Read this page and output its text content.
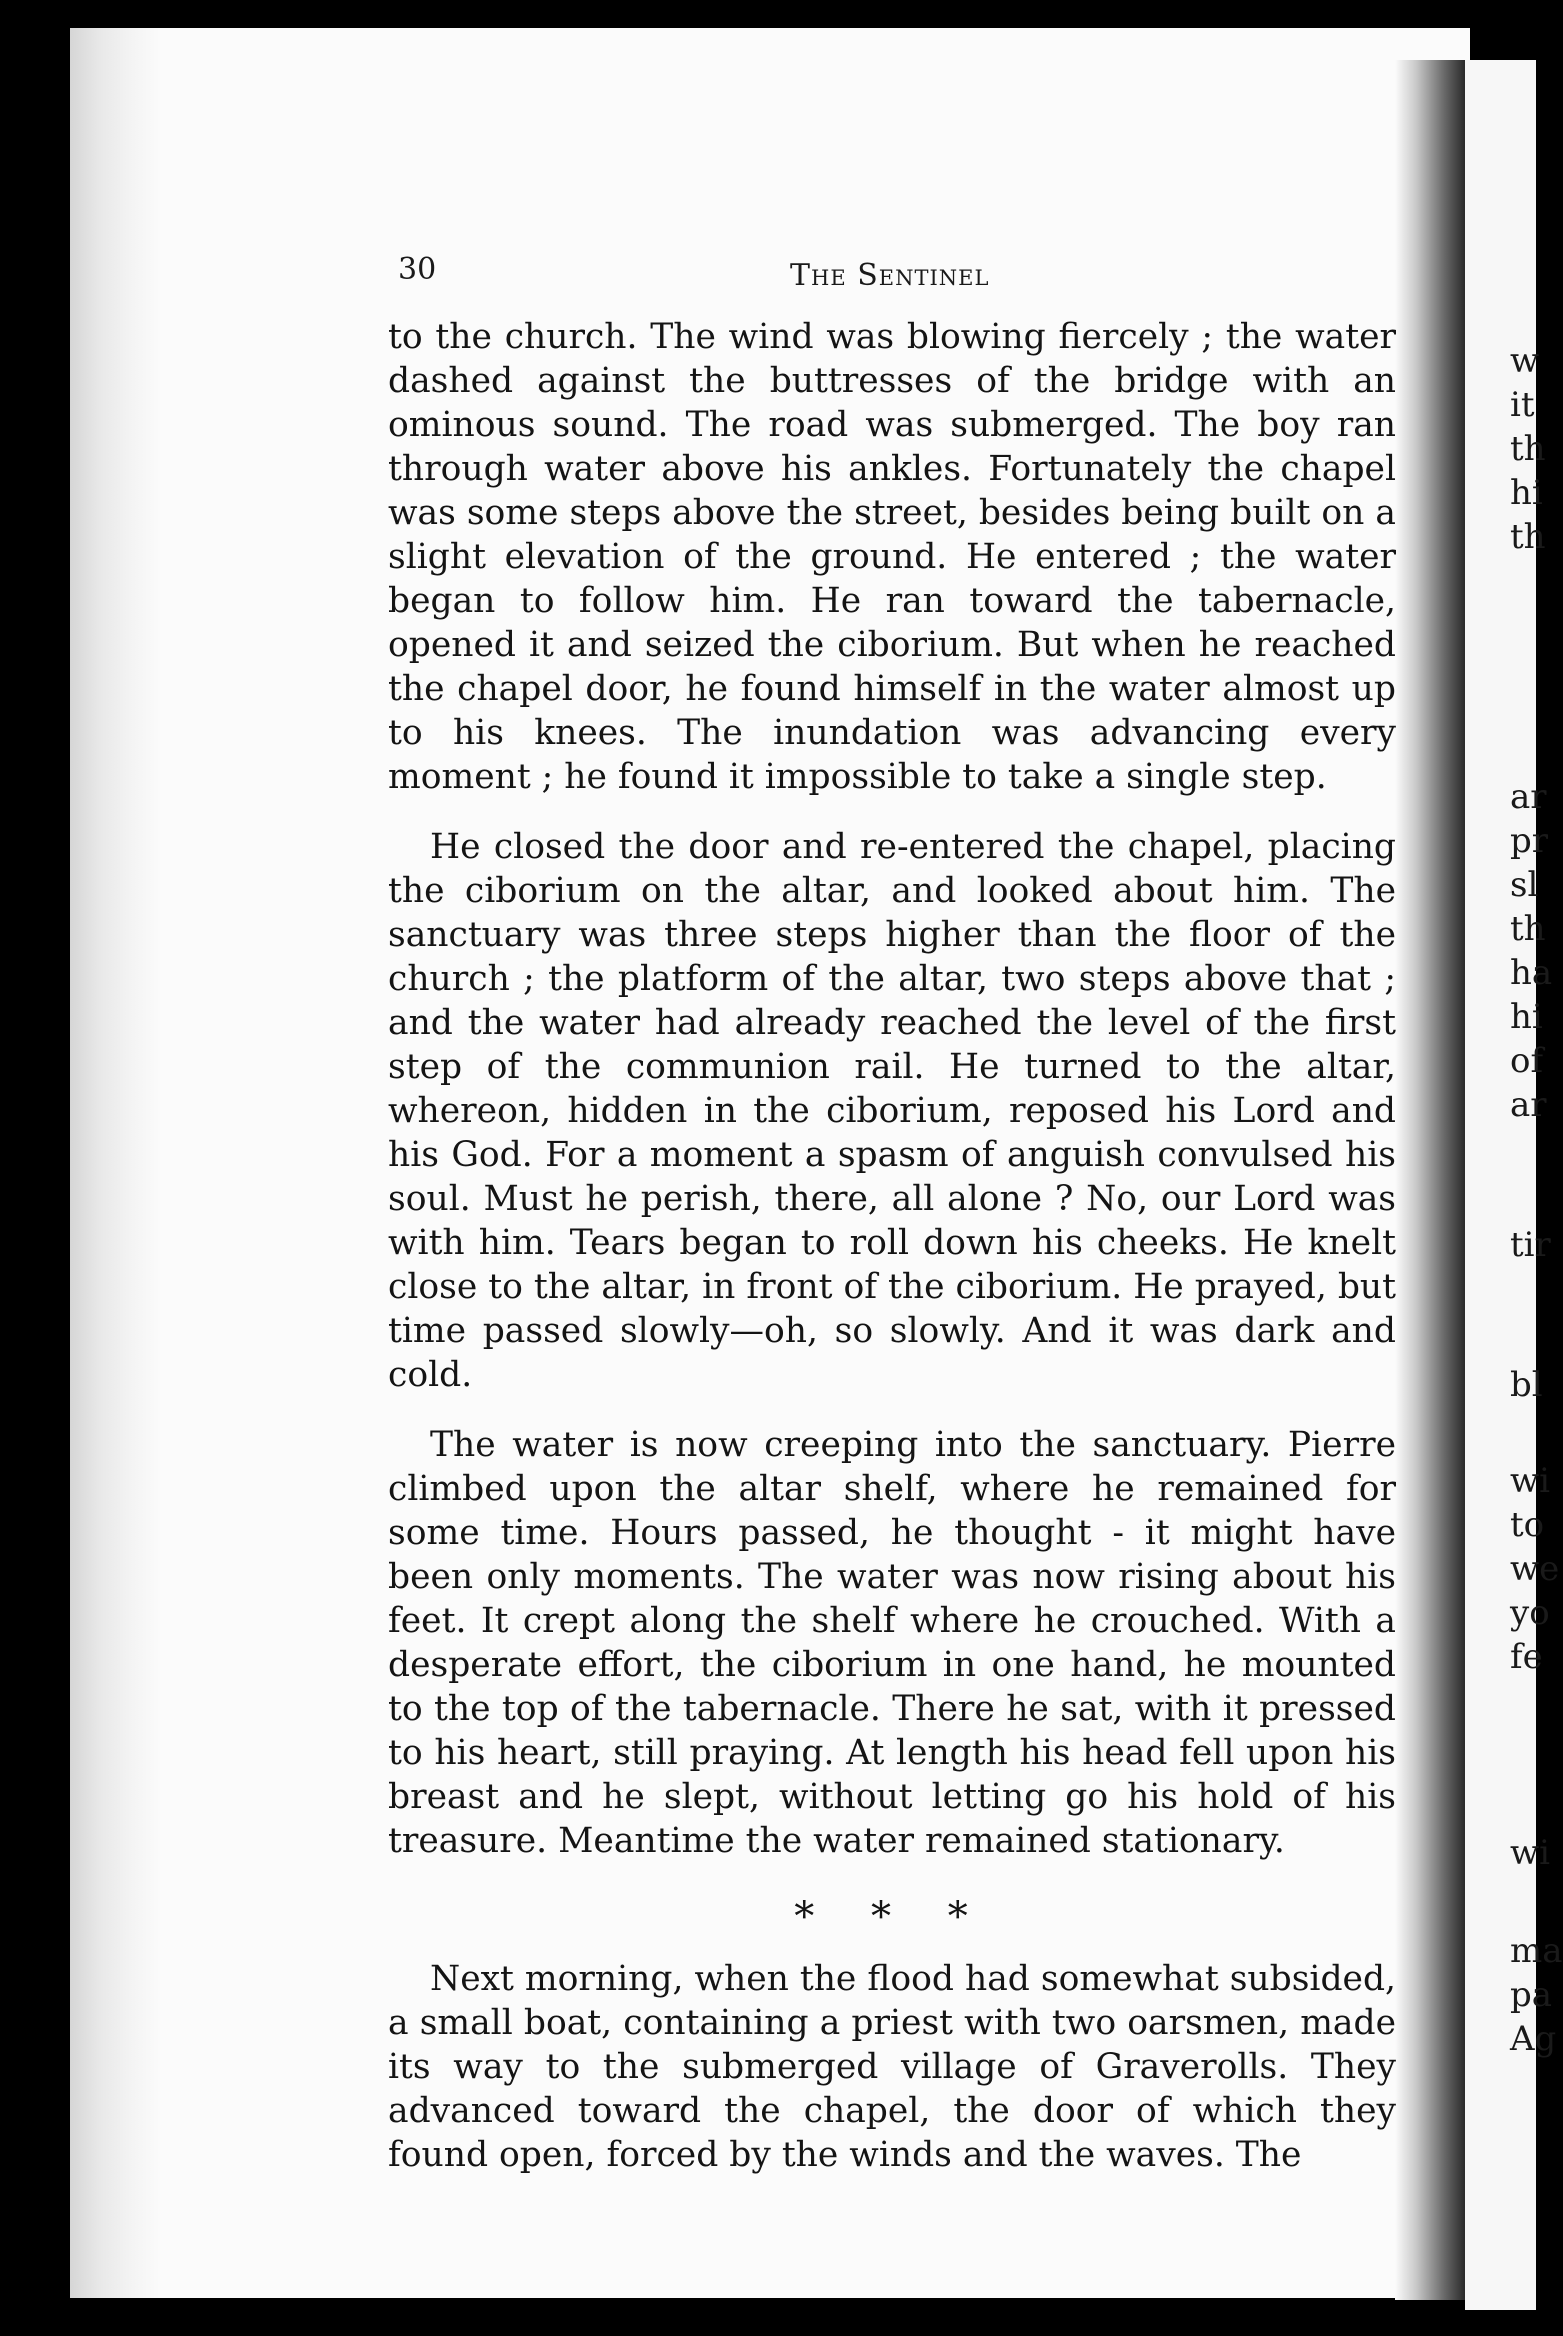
w
it
th
hi
th
ar
pr
sl
th
ha
hi
of
ar
tir
bl
wi
to
we
yo
fe
wi
ma
pa
Ag
30	The Sentinel

to the church. The wind was blowing fiercely ; the water dashed against the buttresses of the bridge with an ominous sound. The road was submerged. The boy ran through water above his ankles. Fortunately the chapel was some steps above the street, besides being built on a slight elevation of the ground. He entered ; the water began to follow him. He ran toward the tabernacle, opened it and seized the ciborium. But when he reached the chapel door, he found himself in the water almost up to his knees. The inundation was advancing every moment ; he found it impossible to take a single step.

He closed the door and re-entered the chapel, placing the ciborium on the altar, and looked about him. The sanctuary was three steps higher than the floor of the church ; the platform of the altar, two steps above that ; and the water had already reached the level of the first step of the communion rail. He turned to the altar, whereon, hidden in the ciborium, reposed his Lord and his God. For a moment a spasm of anguish convulsed his soul. Must he perish, there, all alone ? No, our Lord was with him. Tears began to roll down his cheeks. He knelt close to the altar, in front of the ciborium. He prayed, but time passed slowly—oh, so slowly. And it was dark and cold.

The water is now creeping into the sanctuary. Pierre climbed upon the altar shelf, where he remained for some time. Hours passed, he thought - it might have been only moments. The water was now rising about his feet. It crept along the shelf where he crouched. With a desperate effort, the ciborium in one hand, he mounted to the top of the tabernacle. There he sat, with it pressed to his heart, still praying. At length his head fell upon his breast and he slept, without letting go his hold of his treasure. Meantime the water remained stationary.

* * *

Next morning, when the flood had somewhat subsided, a small boat, containing a priest with two oarsmen, made its way to the submerged village of Graverolls. They advanced toward the chapel, the door of which they found open, forced by the winds and the waves. The
